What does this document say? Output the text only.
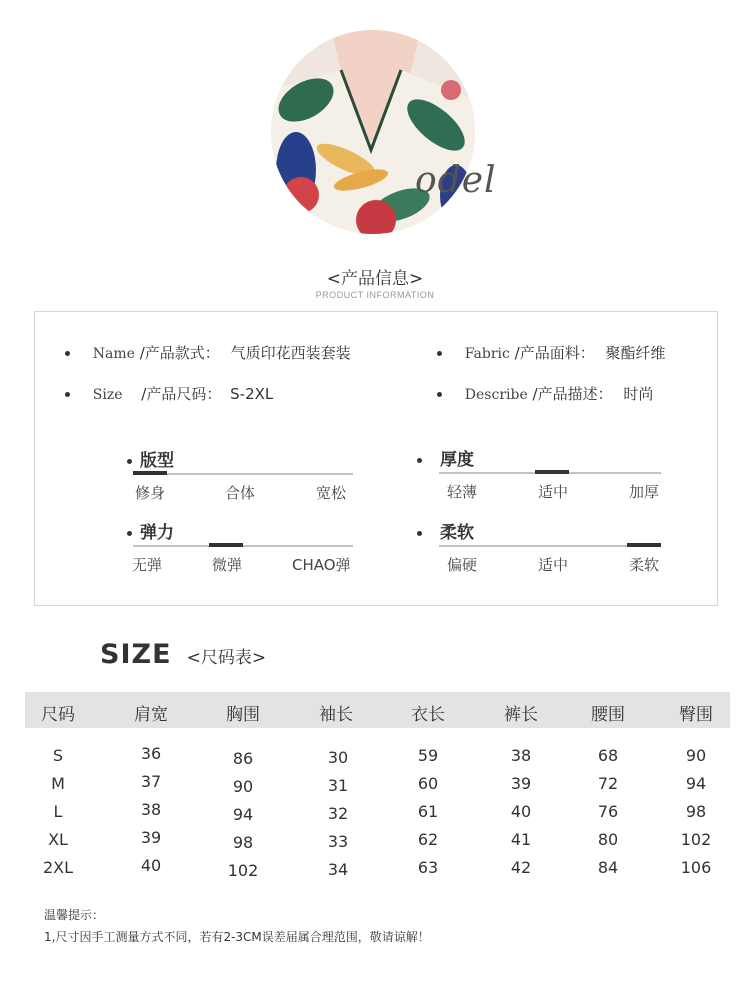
odel
<产品信息>
PRODUCT INFORMATION
Name /产品款式： 气质印花西装套装	Fabric /产品面料： 聚酯纤维
Size /产品尺码： S-2XL	Describe /产品描述： 时尚
版型
修身	合体	宽松
厚度
轻薄	适中	加厚
弹力
无弹	微弹	CHAO弹
柔软
偏硬	适中	柔软
SIZE <尺码表>
尺码	肩宽	胸围	袖长	衣长	裤长	腰围	臀围
S	36	86	30	59	38	68	90
M	37	90	31	60	39	72	94
L	38	94	32	61	40	76	98
XL	39	98	33	62	41	80	102
2XL	40	102	34	63	42	84	106
温馨提示：
1,尺寸因手工测量方式不同，若有2-3CM误差届属合理范围，敬请谅解！
